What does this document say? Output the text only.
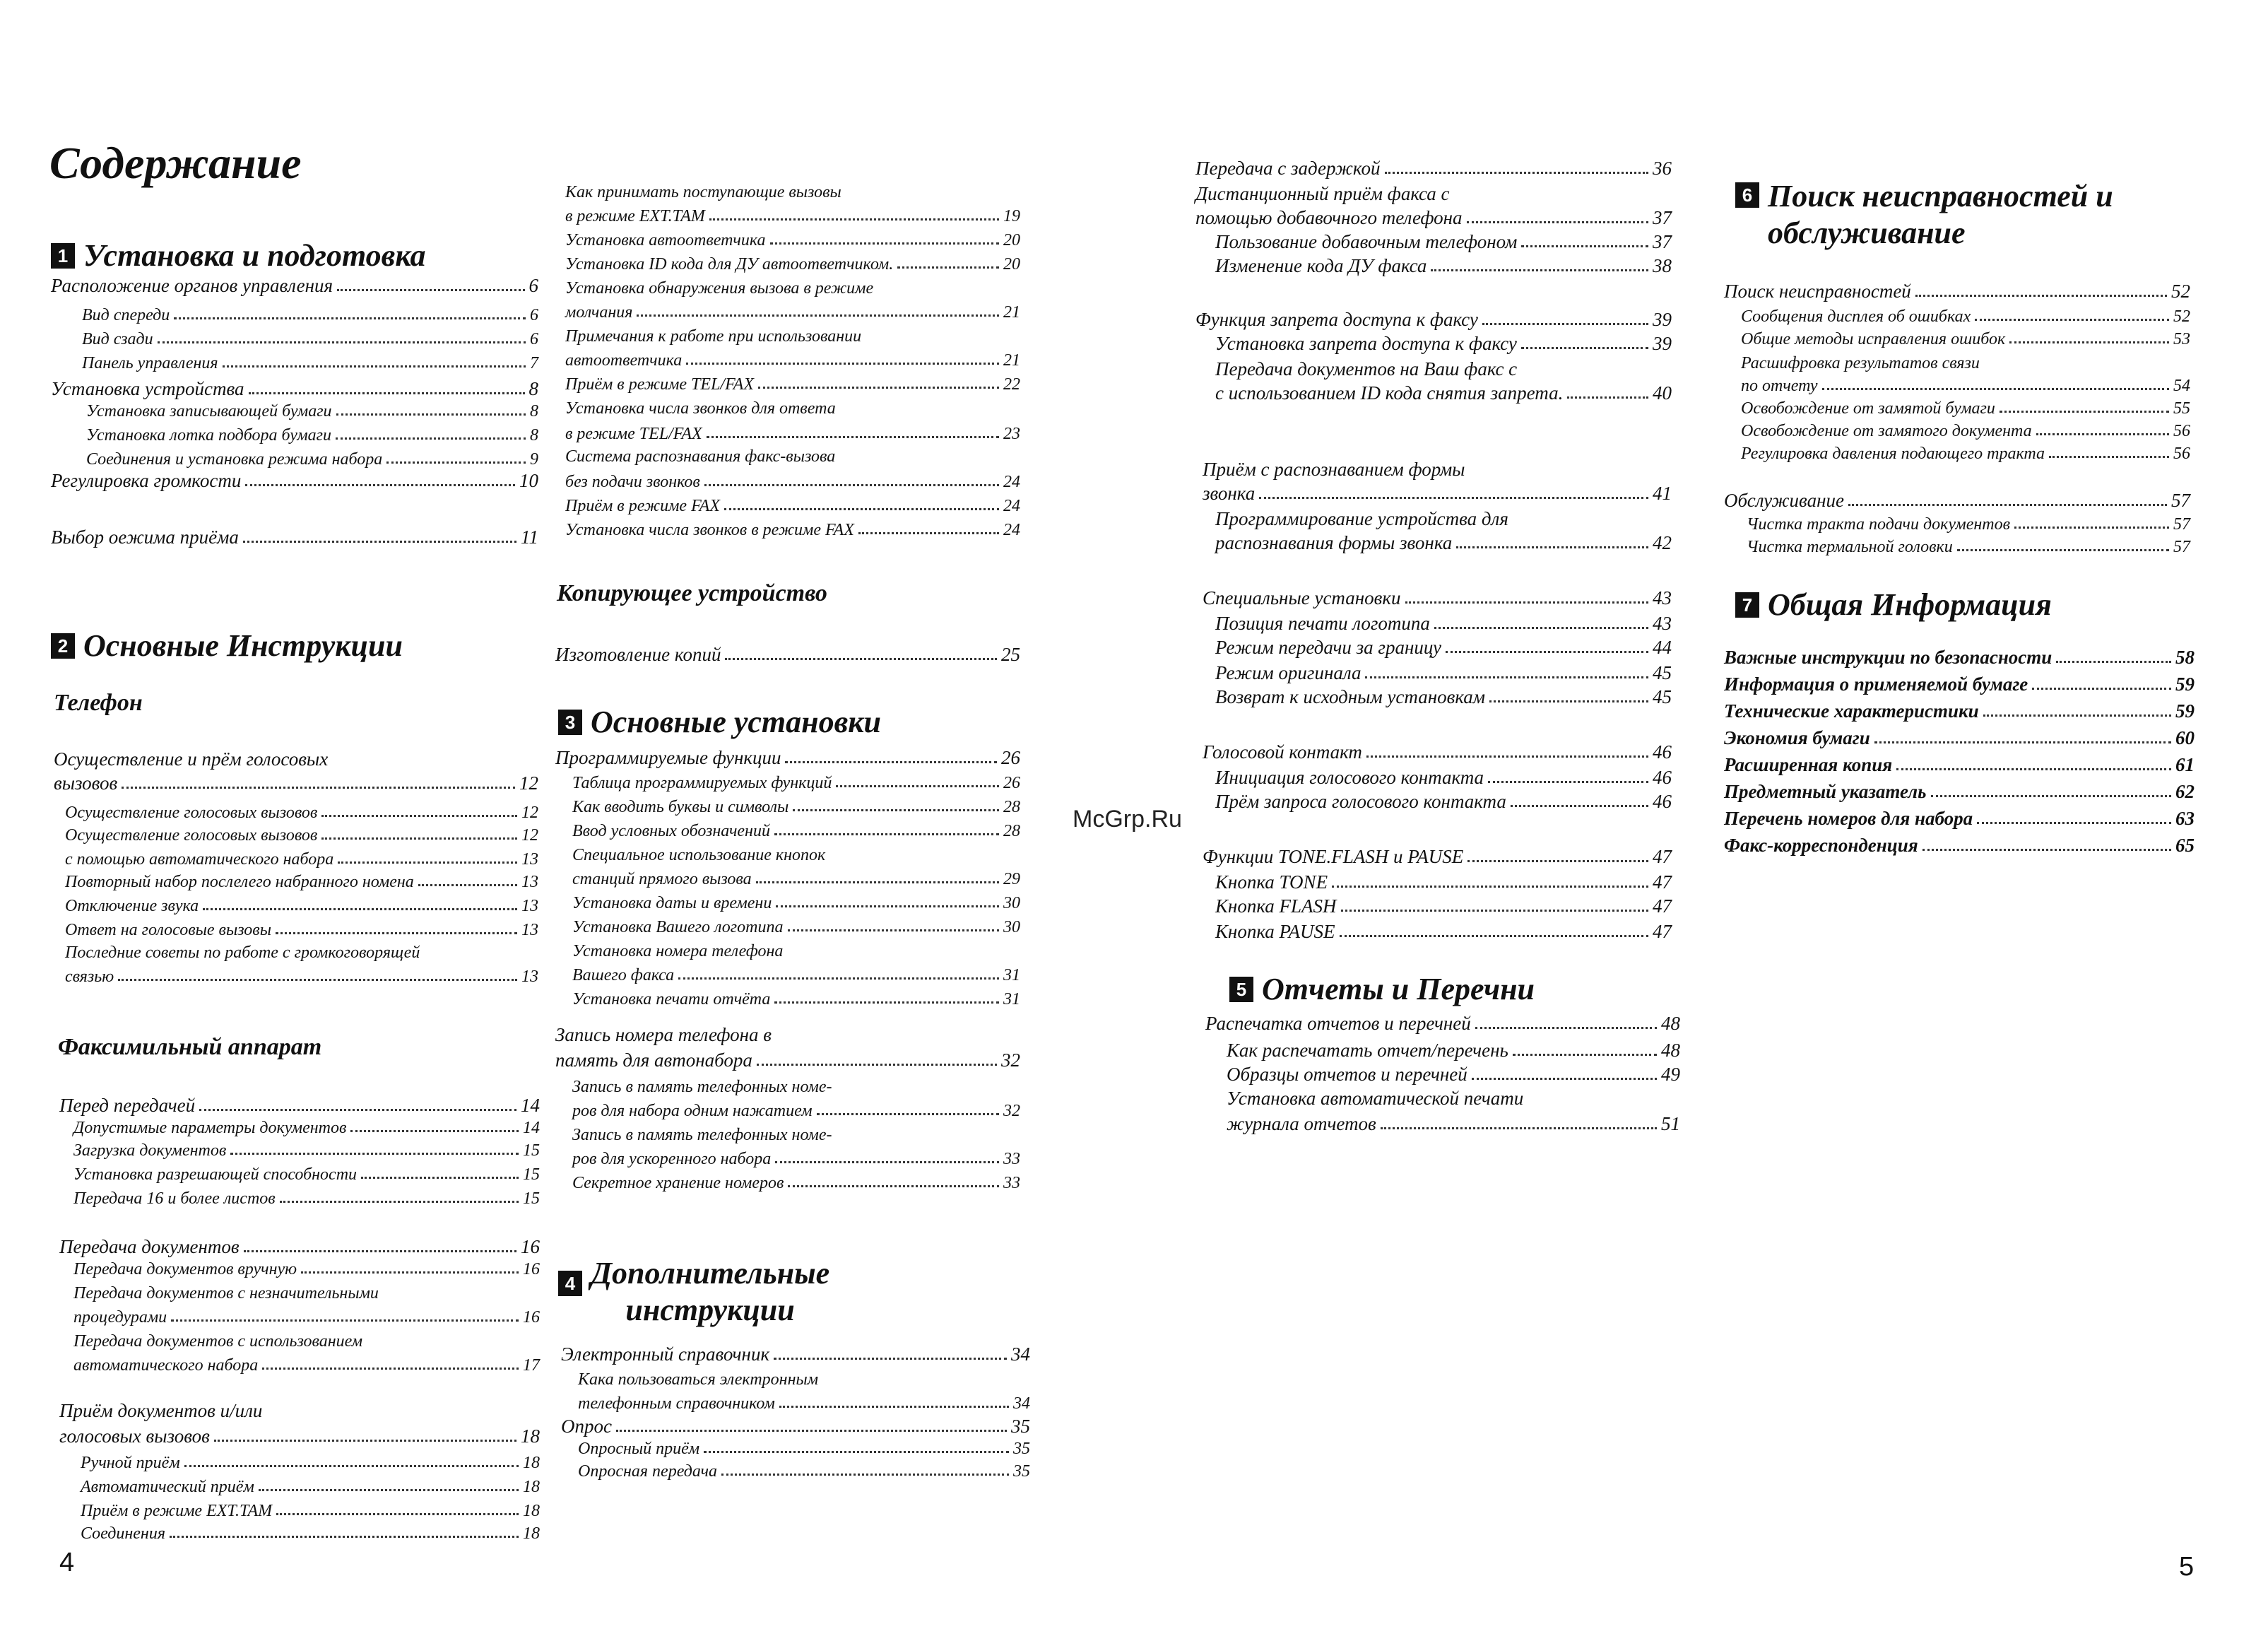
Содержание
1 Установка и подготовка
Расположение органов управления	6
Вид спереди	6
Вид сзади	6
Панель управления	7
Установка устройства	8
Установка записывающей бумаги	8
Установка лотка подбора бумаги	8
Соединения и установка режима набора	9
Регулировка громкости	10
Выбор оежима приёма	11
2 Основные Инструкции
Телефон
Осуществление и прём голосовых
вызовов	12
Осуществление голосовых вызовов	12
Осуществление голосовых вызовов	12
с помощью автоматического набора	13
Повторный набор послелего набранного номена	13
Отключение звука	13
Ответ на голосовые вызовы	13
Последние советы по работе с громкоговорящей
связью	13
Факсимильный аппарат
Перед передачей	14
Допустимые параметры документов	14
Загрузка документов	15
Установка разрешающей способности	15
Передача 16 и более листов	15
Передача документов	16
Передача документов вручную	16
Передача документов с незначительными
процедурами	16
Передача документов с использованием
автоматического набора	17
Приём документов и/или
голосовых вызовов	18
Ручной приём	18
Автоматический приём	18
Приём в режиме EXT.TAM	18
Соединения	18
4
Как принимать поступающие вызовы
в режиме EXT.TAM	19
Установка автоответчика	20
Установка ID кода для ДУ автоответчиком.	20
Установка обнаружения вызова в режиме
молчания	21
Примечания к работе при использовании
автоответчика	21
Приём в режиме TEL/FAX	22
Установка числа звонков для ответа
в режиме TEL/FAX	23
Система распознавания факс-вызова
без подачи звонков	24
Приём в режиме FAX	24
Установка числа звонков в режиме FAX	24
Копирующее устройство
Изготовление копий	25
3 Основные установки
Программируемые функции	26
Таблица программируемых функций	26
Как вводить буквы и символы	28
Ввод условных обозначений	28
Специальное использование кнопок
станций прямого вызова	29
Установка даты и времени	30
Установка Вашего логотипа	30
Установка номера телефона
Вашего факса	31
Установка печати отчёта	31
Запись номера телефона в
память для автонабора	32
Запись в память телефонных номе-
ров для набора одним нажатием	32
Запись в память телефонных номе-
ров для ускоренного набора	33
Секретное хранение номеров	33
4 Дополнительные
инструкции
Электронный справочник	34
Кака пользоваться электронным
телефонным справочником	34
Опрос	35
Опросный приём	35
Опросная передача	35
McGrp.Ru
Передача с задержкой	36
Дистанционный приём факса с
помощью добавочного телефона	37
Пользование добавочным телефоном	37
Изменение кода ДУ факса	38
Функция запрета доступа к факсу	39
Установка запрета доступа к факсу	39
Передача документов на Ваш факс с
с использованием ID кода снятия запрета.	40
Приём с распознаванием формы
звонка	41
Программирование устройства для
распознавания формы звонка	42
Специальные установки	43
Позиция печати логотипа	43
Режим передачи за границу	44
Режим оригинала	45
Возврат к исходным установкам	45
Голосовой контакт	46
Инициация голосового контакта	46
Прём запроса голосового контакта	46
Функции TONE.FLASH и PAUSE	47
Кнопка TONE	47
Кнопка FLASH	47
Кнопка PAUSE	47
5 Отчеты и Перечни
Распечатка отчетов и перечней	48
Как распечатать отчет/перечень	48
Образцы отчетов и перечней	49
Установка автоматической печати
журнала отчетов	51
6 Поиск неисправностей и
обслуживание
Поиск неисправностей	52
Сообщения дисплея об ошибках	52
Общие методы исправления ошибок	53
Расшифровка результатов связи
по отчету	54
Освобождение от замятой бумаги	55
Освобождение от замятого документа	56
Регулировка давления подающего тракта	56
Обслуживание	57
Чистка тракта подачи документов	57
Чистка термальной головки	57
7 Общая Информация
Важные инструкции по безопасности	58
Информация о применяемой бумаге	59
Технические характеристики	59
Экономия бумаги	60
Расширенная копия	61
Предметный указатель	62
Перечень номеров для набора	63
Факс-корреспонденция	65
5
